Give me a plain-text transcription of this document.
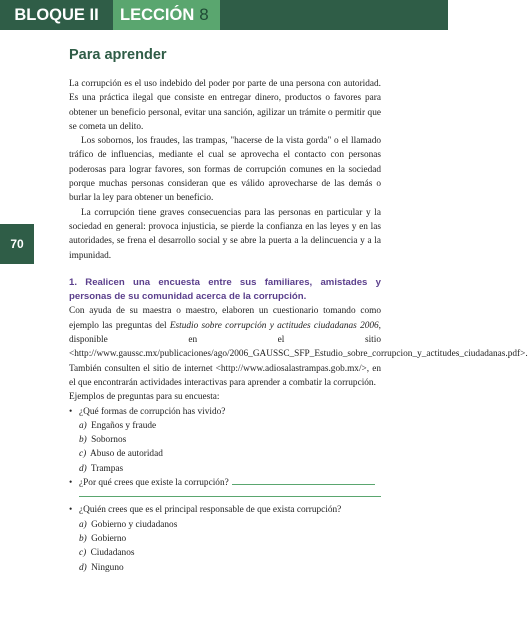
BLOQUE II	LECCIÓN 8
70
Para aprender

La corrupción es el uso indebido del poder por parte de una persona con autoridad. Es una práctica ilegal que consiste en entregar dinero, productos o favores para obtener un beneficio personal, evitar una sanción, agilizar un trámite o permitir que se cometa un delito.

Los sobornos, los fraudes, las trampas, "hacerse de la vista gorda" o el llamado tráfico de influencias, mediante el cual se aprovecha el contacto con personas poderosas para lograr favores, son formas de corrupción comunes en la sociedad porque muchas personas consideran que es válido aprovecharse de las demás o burlar la ley para obtener un beneficio.

La corrupción tiene graves consecuencias para las personas en particular y la sociedad en general: provoca injusticia, se pierde la confianza en las leyes y en las autoridades, se frena el desarrollo social y se abre la puerta a la delincuencia y a la impunidad.

1. Realicen una encuesta entre sus familiares, amistades y personas de su comunidad acerca de la corrupción.

Con ayuda de su maestra o maestro, elaboren un cuestionario tomando como ejemplo las preguntas del Estudio sobre corrupción y actitudes ciudadanas 2006, disponible en el sitio <http://www.gaussc.mx/publicaciones/ago/2006_GAUSSC_SFP_Estudio_sobre_corrupcion_y_actitudes_ciudadanas.pdf>. También consulten el sitio de internet <http://www.adiosalastrampas.gob.mx/>, en el que encontrarán actividades interactivas para aprender a combatir la corrupción.

Ejemplos de preguntas para su encuesta:

• ¿Qué formas de corrupción has vivido?

a) Engaños y fraude

b) Sobornos

c) Abuso de autoridad

d) Trampas

• ¿Por qué crees que existe la corrupción?

• ¿Quién crees que es el principal responsable de que exista corrupción?

a) Gobierno y ciudadanos

b) Gobierno

c) Ciudadanos

d) Ninguno
